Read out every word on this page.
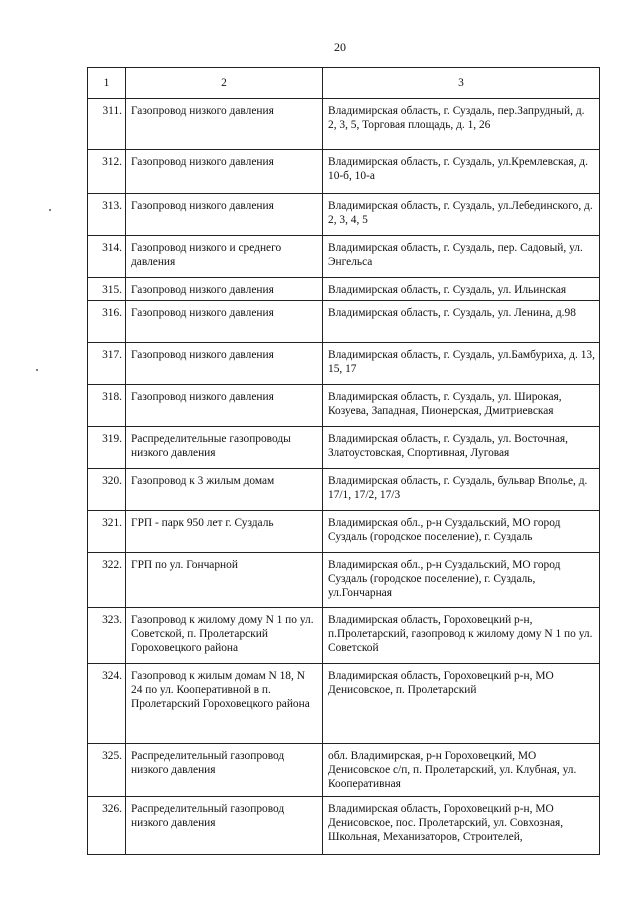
20
1	2	3
311.	Газопровод низкого давления	Владимирская область, г. Суздаль, пер.Запрудный, д. 2, 3, 5, Торговая площадь, д. 1, 26
312.	Газопровод низкого давления	Владимирская область, г. Суздаль, ул.Кремлевская, д. 10-б, 10-а
313.	Газопровод низкого давления	Владимирская область, г. Суздаль, ул.Лебединского, д. 2, 3, 4, 5
314.	Газопровод низкого и среднего давления	Владимирская область, г. Суздаль, пер. Садовый, ул. Энгельса
315.	Газопровод низкого давления	Владимирская область, г. Суздаль, ул. Ильинская
316.	Газопровод низкого давления	Владимирская область, г. Суздаль, ул. Ленина, д.98
317.	Газопровод низкого давления	Владимирская область, г. Суздаль, ул.Бамбуриха, д. 13, 15, 17
318.	Газопровод низкого давления	Владимирская область, г. Суздаль, ул. Широкая, Козуева, Западная, Пионерская, Дмитриевская
319.	Распределительные газопроводы низкого давления	Владимирская область, г. Суздаль, ул. Восточная, Златоустовская, Спортивная, Луговая
320.	Газопровод к 3 жилым домам	Владимирская область, г. Суздаль, бульвар Вполье, д. 17/1, 17/2, 17/3
321.	ГРП - парк 950 лет г. Суздаль	Владимирская обл., р-н Суздальский, МО город Суздаль (городское поселение), г. Суздаль
322.	ГРП по ул. Гончарной	Владимирская обл., р-н Суздальский, МО город Суздаль (городское поселение), г. Суздаль, ул.Гончарная
323.	Газопровод к жилому дому N 1 по ул. Советской, п. Пролетарский Гороховецкого района	Владимирская область, Гороховецкий р-н, п.Пролетарский, газопровод к жилому дому N 1 по ул. Советской
324.	Газопровод к жилым домам N 18, N 24 по ул. Кооперативной в п. Пролетарский Гороховецкого района	Владимирская область, Гороховецкий р-н, МО Денисовское, п. Пролетарский
325.	Распределительный газопровод низкого давления	обл. Владимирская, р-н Гороховецкий, МО Денисовское с/п, п. Пролетарский, ул. Клубная, ул. Кооперативная
326.	Распределительный газопровод низкого давления	Владимирская область, Гороховецкий р-н, МО Денисовское, пос. Пролетарский, ул. Совхозная, Школьная, Механизаторов, Строителей,
